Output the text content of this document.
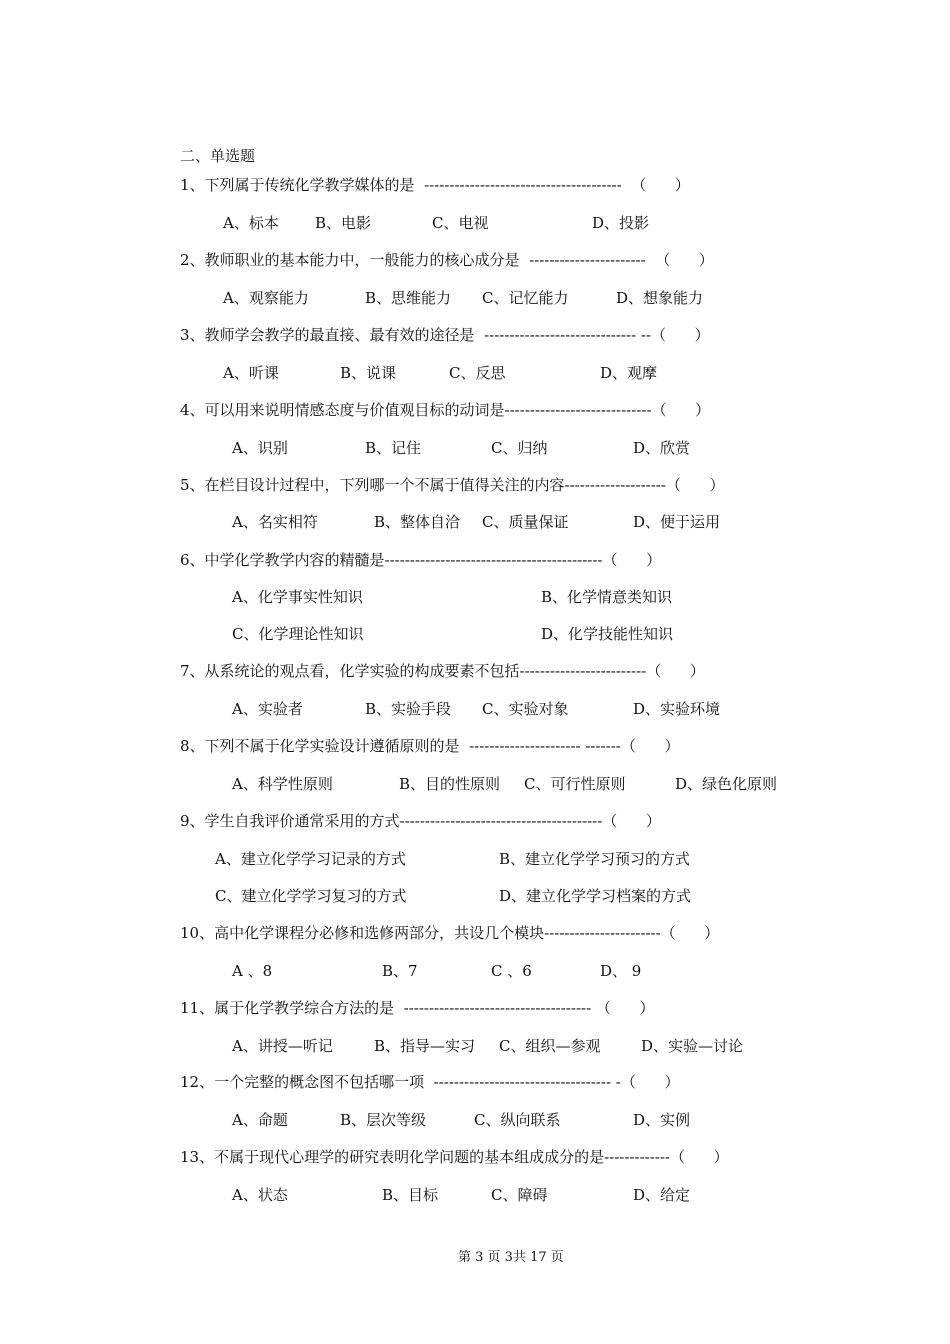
二、单选题
1、下列属于传统化学教学媒体的是  ---------------------------------------  （      ）
A、标本 B、电影	C、电视	D、投影
2、教师职业的基本能力中，一般能力的核心成分是  -----------------------  （      ）
A、观察能力	B、思维能力 C、记忆能力	D、想象能力
3、教师学会教学的最直接、最有效的途径是  ------------------------------ --（      ）
A、听课	B、说课	C、反思	D、观摩
4、可以用来说明情感态度与价值观目标的动词是-----------------------------（      ）
A、识别	B、记住	C、归纳	D、欣赏
5、在栏目设计过程中，下列哪一个不属于值得关注的内容--------------------（      ）
A、名实相符	B、整体自洽 C、质量保证	D、便于运用
6、中学化学教学内容的精髓是-------------------------------------------（      ）
A、化学事实性知识	B、化学情意类知识
C、化学理论性知识	D、化学技能性知识
7、从系统论的观点看，化学实验的构成要素不包括-------------------------（      ）
A、实验者	B、实验手段 C、实验对象	D、实验环境
8、下列不属于化学实验设计遵循原则的是  ---------------------- -------（      ）
A、科学性原则	B、目的性原则 C、可行性原则	D、绿色化原则
9、学生自我评价通常采用的方式----------------------------------------（      ）
A、建立化学学习记录的方式	B、建立化学学习预习的方式
C、建立化学学习复习的方式	D、建立化学学习档案的方式
10、高中化学课程分必修和选修两部分，共设几个模块-----------------------（      ）
A 、8	B、7	C 、6	D、 9
11、属于化学教学综合方法的是  ------------------------------------- （      ）
A、讲授—听记	B、指导—实习 C、组织—参观	D、实验—讨论
12、一个完整的概念图不包括哪一项  ----------------------------------- -（      ）
A、命题	B、层次等级	C、纵向联系	D、实例
13、不属于现代心理学的研究表明化学问题的基本组成成分的是-------------（      ）
A、状态	B、目标	C、障碍	D、给定
第 3 页 3共 17 页
